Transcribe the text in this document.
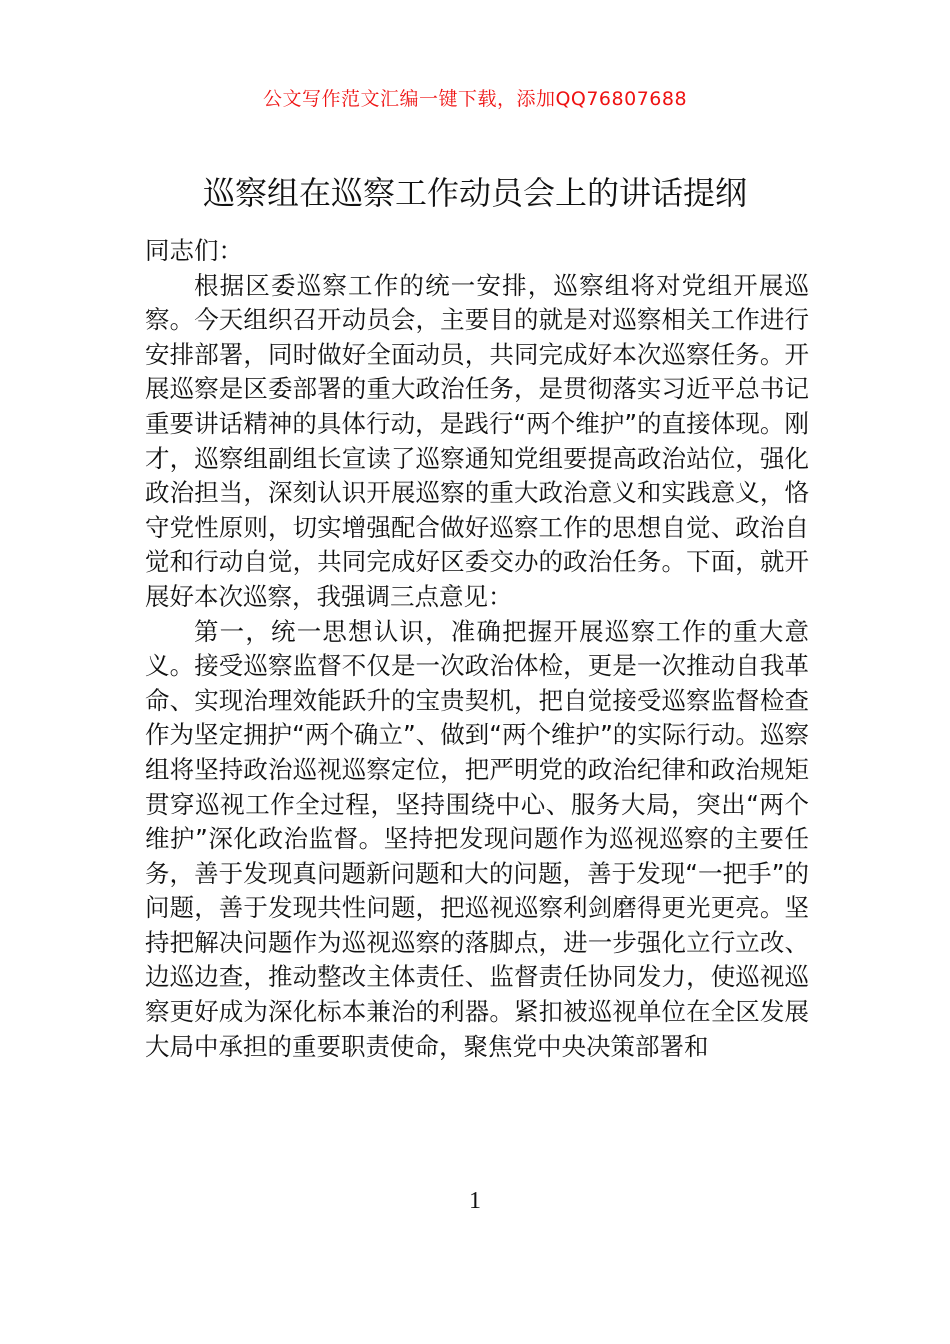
公文写作范文汇编一键下载，添加QQ76807688
巡察组在巡察工作动员会上的讲话提纲

同志们：

根据区委巡察工作的统一安排，巡察组将对党组开展巡察。今天组织召开动员会，主要目的就是对巡察相关工作进行安排部署，同时做好全面动员，共同完成好本次巡察任务。开展巡察是区委部署的重大政治任务，是贯彻落实习近平总书记重要讲话精神的具体行动，是践行“两个维护”的直接体现。刚才，巡察组副组长宣读了巡察通知党组要提高政治站位，强化政治担当，深刻认识开展巡察的重大政治意义和实践意义，恪守党性原则，切实增强配合做好巡察工作的思想自觉、政治自觉和行动自觉，共同完成好区委交办的政治任务。下面，就开展好本次巡察，我强调三点意见：

第一，统一思想认识，准确把握开展巡察工作的重大意义。接受巡察监督不仅是一次政治体检，更是一次推动自我革命、实现治理效能跃升的宝贵契机，把自觉接受巡察监督检查作为坚定拥护“两个确立”、做到“两个维护”的实际行动。巡察组将坚持政治巡视巡察定位，把严明党的政治纪律和政治规矩贯穿巡视工作全过程，坚持围绕中心、服务大局，突出“两个维护”深化政治监督。坚持把发现问题作为巡视巡察的主要任务，善于发现真问题新问题和大的问题，善于发现“一把手”的问题，善于发现共性问题，把巡视巡察利剑磨得更光更亮。坚持把解决问题作为巡视巡察的落脚点，进一步强化立行立改、边巡边查，推动整改主体责任、监督责任协同发力，使巡视巡察更好成为深化标本兼治的利器。紧扣被巡视单位在全区发展大局中承担的重要职责使命，聚焦党中央决策部署和

1
